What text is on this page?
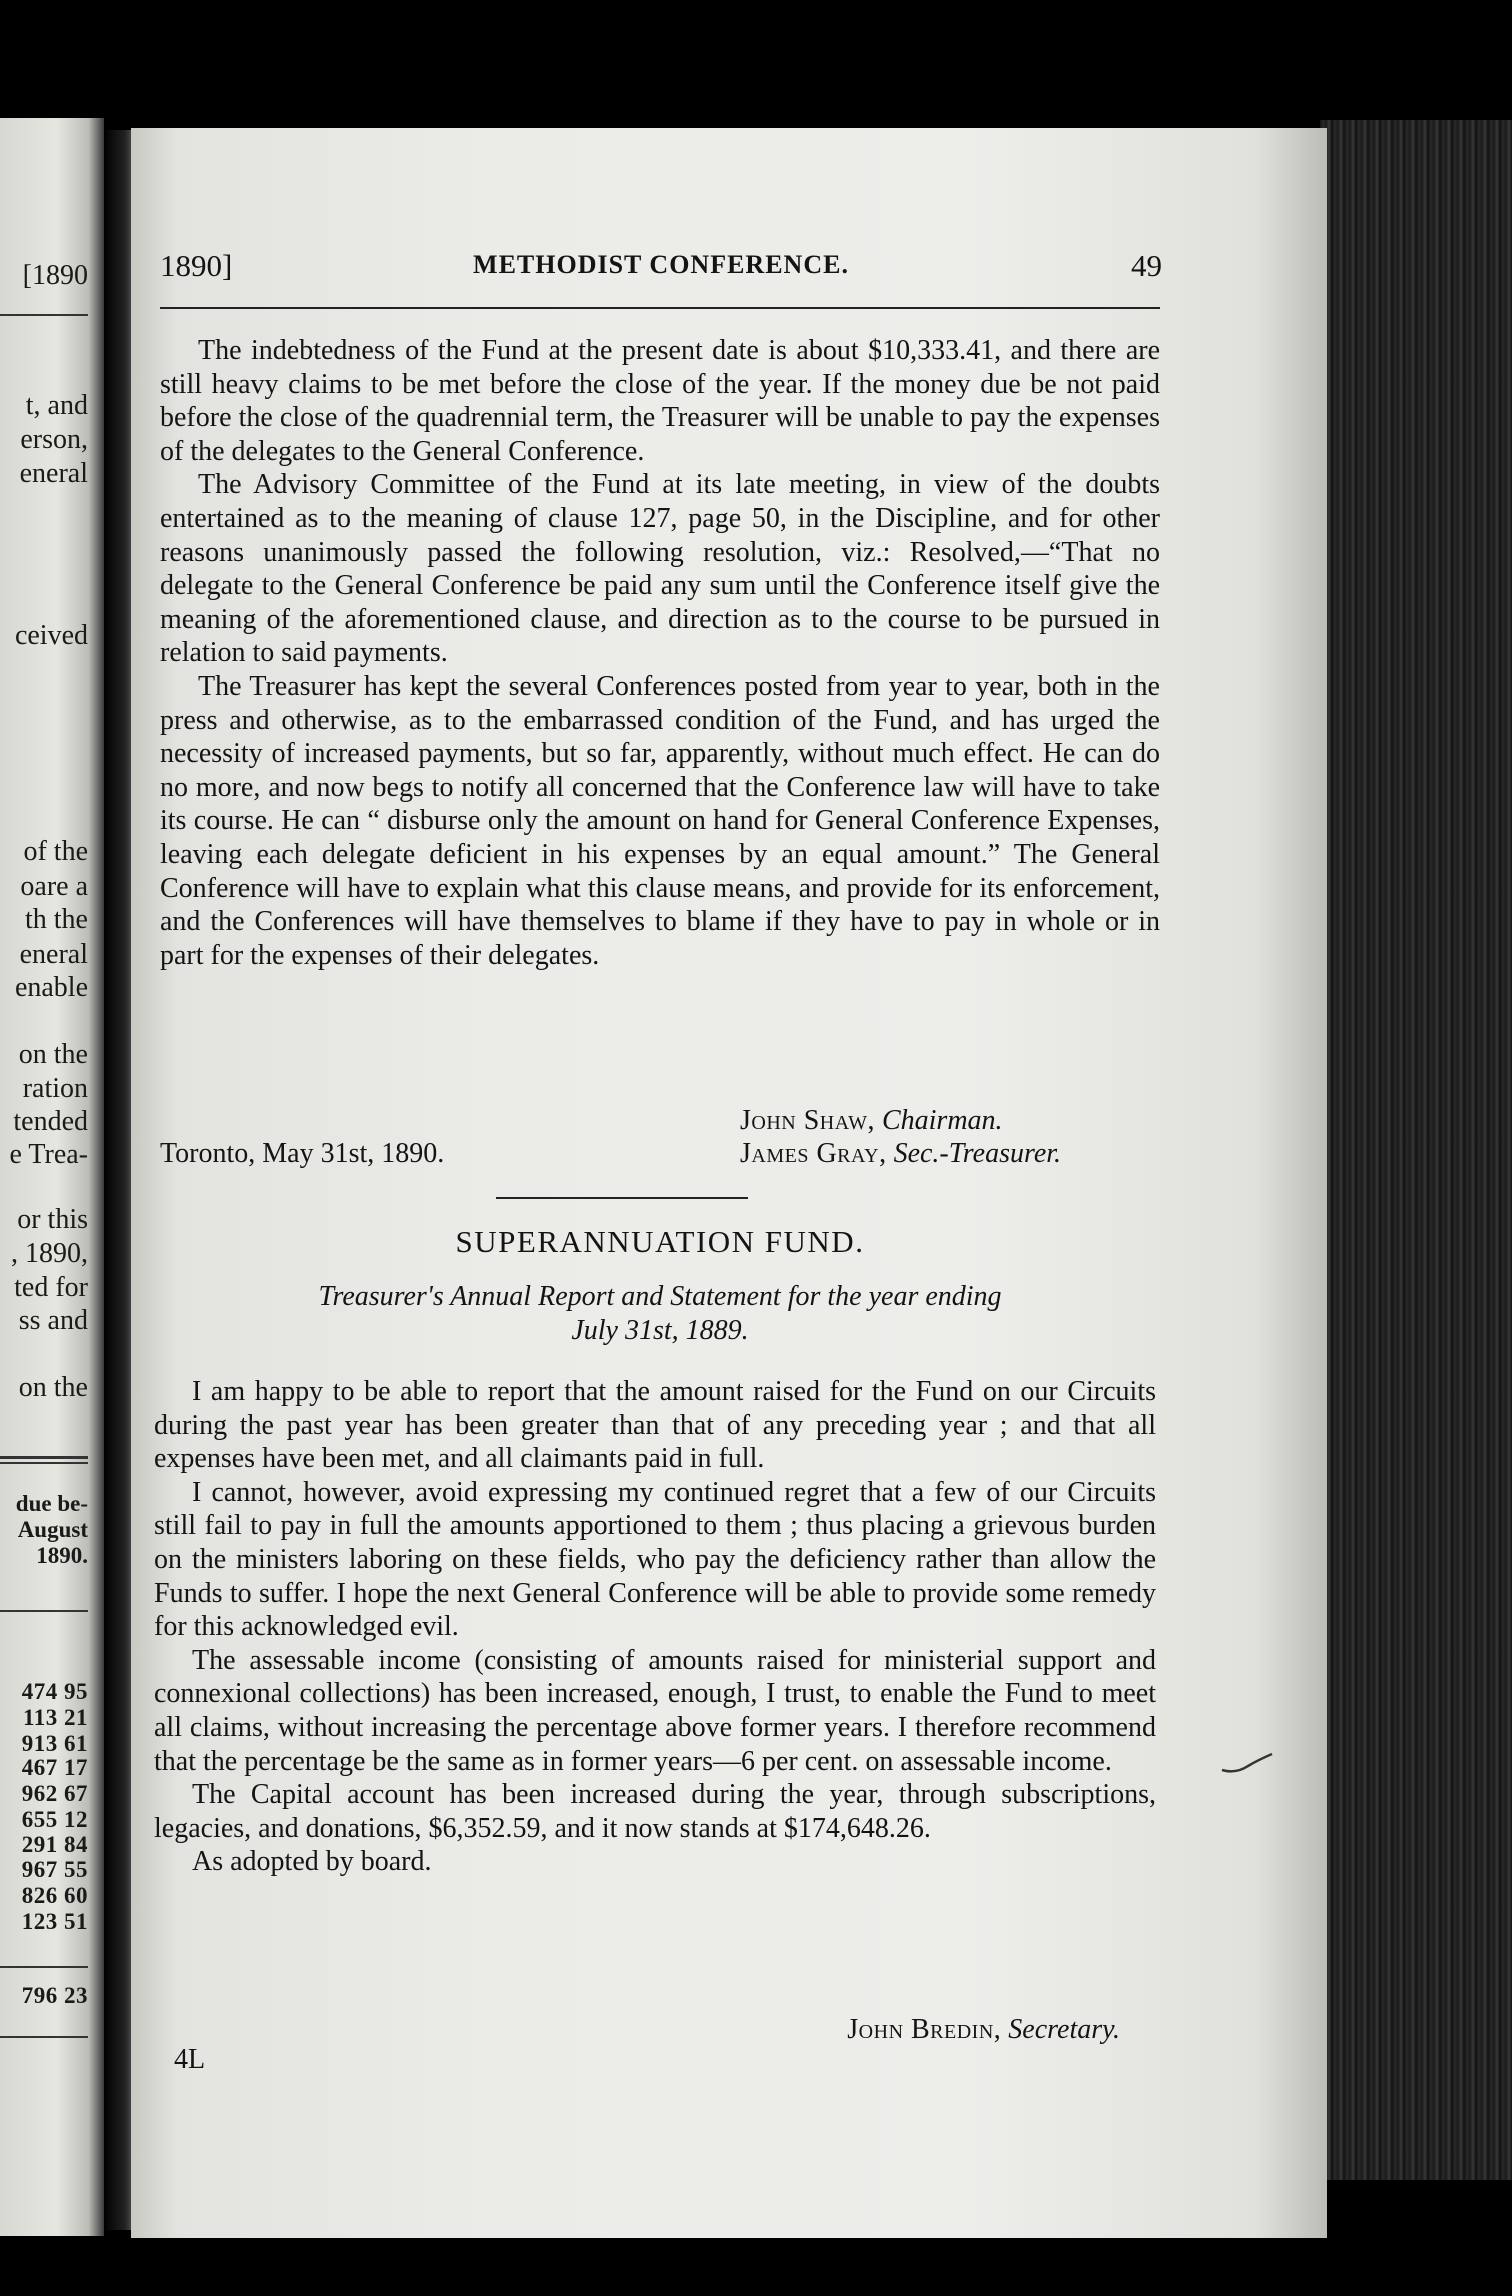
[1890
t, and
erson,
eneral
ceived
of the
oare a
th the
eneral
enable
on the
ration
tended
e Trea-
or this
, 1890,
ted for
ss and
on the
due be-
August
1890.
474 95
113 21
913 61
467 17
962 67
655 12
291 84
967 55
826 60
123 51
796 23
1890]	METHODIST CONFERENCE.	49

The indebtedness of the Fund at the present date is about $10,333.41, and there are still heavy claims to be met before the close of the year. If the money due be not paid before the close of the quadrennial term, the Treasurer will be unable to pay the expenses of the delegates to the General Conference.

The Advisory Committee of the Fund at its late meeting, in view of the doubts entertained as to the meaning of clause 127, page 50, in the Discipline, and for other reasons unanimously passed the following resolution, viz.: Resolved,—“That no delegate to the General Conference be paid any sum until the Conference itself give the meaning of the aforementioned clause, and direction as to the course to be pursued in relation to said payments.

The Treasurer has kept the several Conferences posted from year to year, both in the press and otherwise, as to the embarrassed condition of the Fund, and has urged the necessity of increased payments, but so far, apparently, without much effect. He can do no more, and now begs to notify all concerned that the Conference law will have to take its course. He can “ disburse only the amount on hand for General Conference Expenses, leaving each delegate deficient in his expenses by an equal amount.” The General Conference will have to explain what this clause means, and provide for its enforcement, and the Conferences will have themselves to blame if they have to pay in whole or in part for the expenses of their delegates.

Toronto, May 31st, 1890.
John Shaw, Chairman.
James Gray, Sec.-Treasurer.
SUPERANNUATION FUND.
Treasurer's Annual Report and Statement for the year ending
July 31st, 1889.

I am happy to be able to report that the amount raised for the Fund on our Circuits during the past year has been greater than that of any preceding year ; and that all expenses have been met, and all claimants paid in full.

I cannot, however, avoid expressing my continued regret that a few of our Circuits still fail to pay in full the amounts apportioned to them ; thus placing a grievous burden on the ministers laboring on these fields, who pay the deficiency rather than allow the Funds to suffer. I hope the next General Conference will be able to provide some remedy for this acknowledged evil.

The assessable income (consisting of amounts raised for ministerial support and connexional collections) has been increased, enough, I trust, to enable the Fund to meet all claims, without increasing the percentage above former years. I therefore recommend that the percentage be the same as in former years—6 per cent. on assessable income.

The Capital account has been increased during the year, through subscriptions, legacies, and donations, $6,352.59, and it now stands at $174,648.26.

As adopted by board.

John Bredin, Secretary.
4L
